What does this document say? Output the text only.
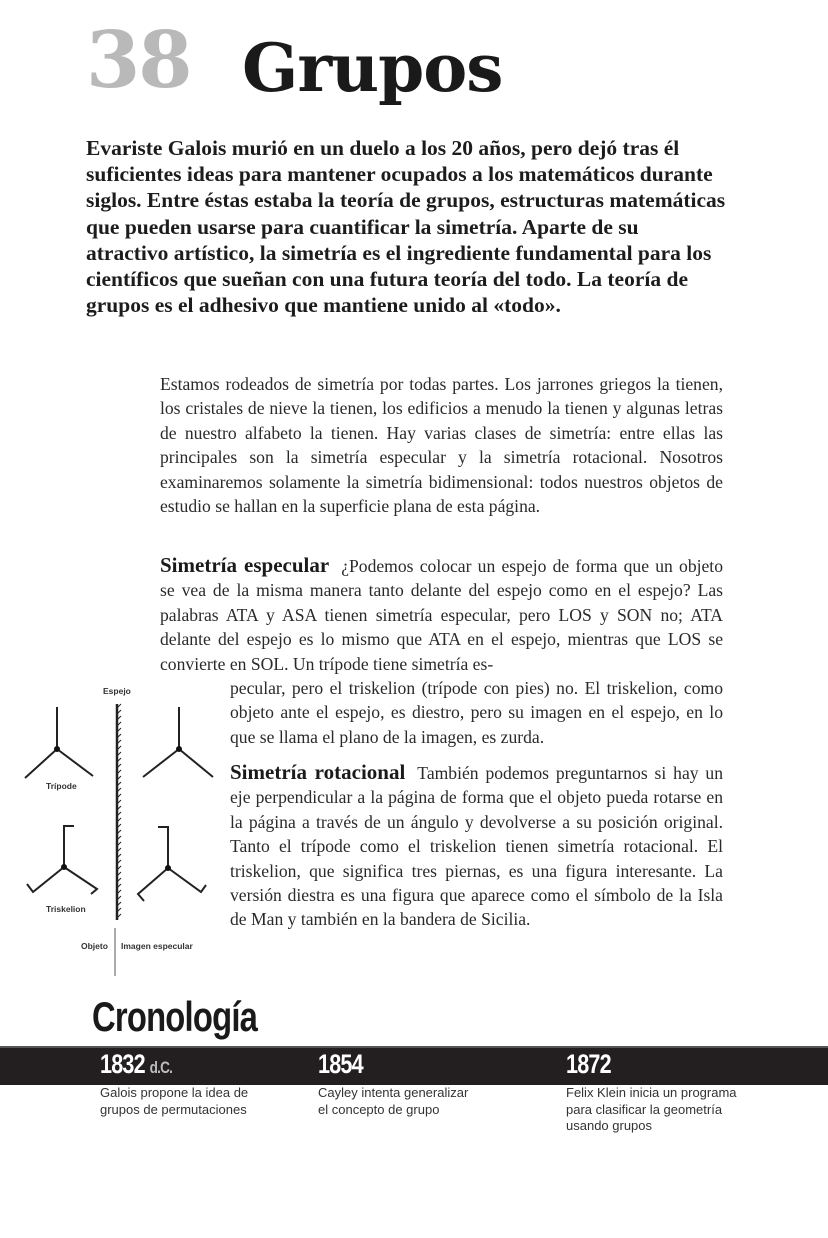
38 Grupos
Evariste Galois murió en un duelo a los 20 años, pero dejó tras él suficientes ideas para mantener ocupados a los matemáticos durante siglos. Entre éstas estaba la teoría de grupos, estructuras matemáticas que pueden usarse para cuantificar la simetría. Aparte de su atractivo artístico, la simetría es el ingrediente fundamental para los científicos que sueñan con una futura teoría del todo. La teoría de grupos es el adhesivo que mantiene unido al «todo».
Estamos rodeados de simetría por todas partes. Los jarrones griegos la tienen, los cristales de nieve la tienen, los edificios a menudo la tienen y algunas letras de nuestro alfabeto la tienen. Hay varias clases de simetría: entre ellas las principales son la simetría especular y la simetría rotacional. Nosotros examinaremos solamente la simetría bidimensional: todos nuestros objetos de estudio se hallan en la superficie plana de esta página.
Simetría especular ¿Podemos colocar un espejo de forma que un objeto se vea de la misma manera tanto delante del espejo como en el espejo? Las palabras ATA y ASA tienen simetría especular, pero LOS y SON no; ATA delante del espejo es lo mismo que ATA en el espejo, mientras que LOS se convierte en SOL. Un trípode tiene simetría es-
pecular, pero el triskelion (trípode con pies) no. El triskelion, como objeto ante el espejo, es diestro, pero su imagen en el espejo, en lo que se llama el plano de la imagen, es zurda.
Simetría rotacional También podemos preguntarnos si hay un eje perpendicular a la página de forma que el objeto pueda rotarse en la página a través de un ángulo y devolverse a su posición original. Tanto el trípode como el triskelion tienen simetría rotacional. El triskelion, que significa tres piernas, es una figura interesante. La versión diestra es una figura que aparece como el símbolo de la Isla de Man y también en la bandera de Sicilia.
Espejo
Trípode
Triskelion
Objeto Imagen especular
Cronología
1832 d.C.	1854	1872
Galois propone la idea de
grupos de permutaciones
Cayley intenta generalizar
el concepto de grupo
Felix Klein inicia un programa
para clasificar la geometría
usando grupos
